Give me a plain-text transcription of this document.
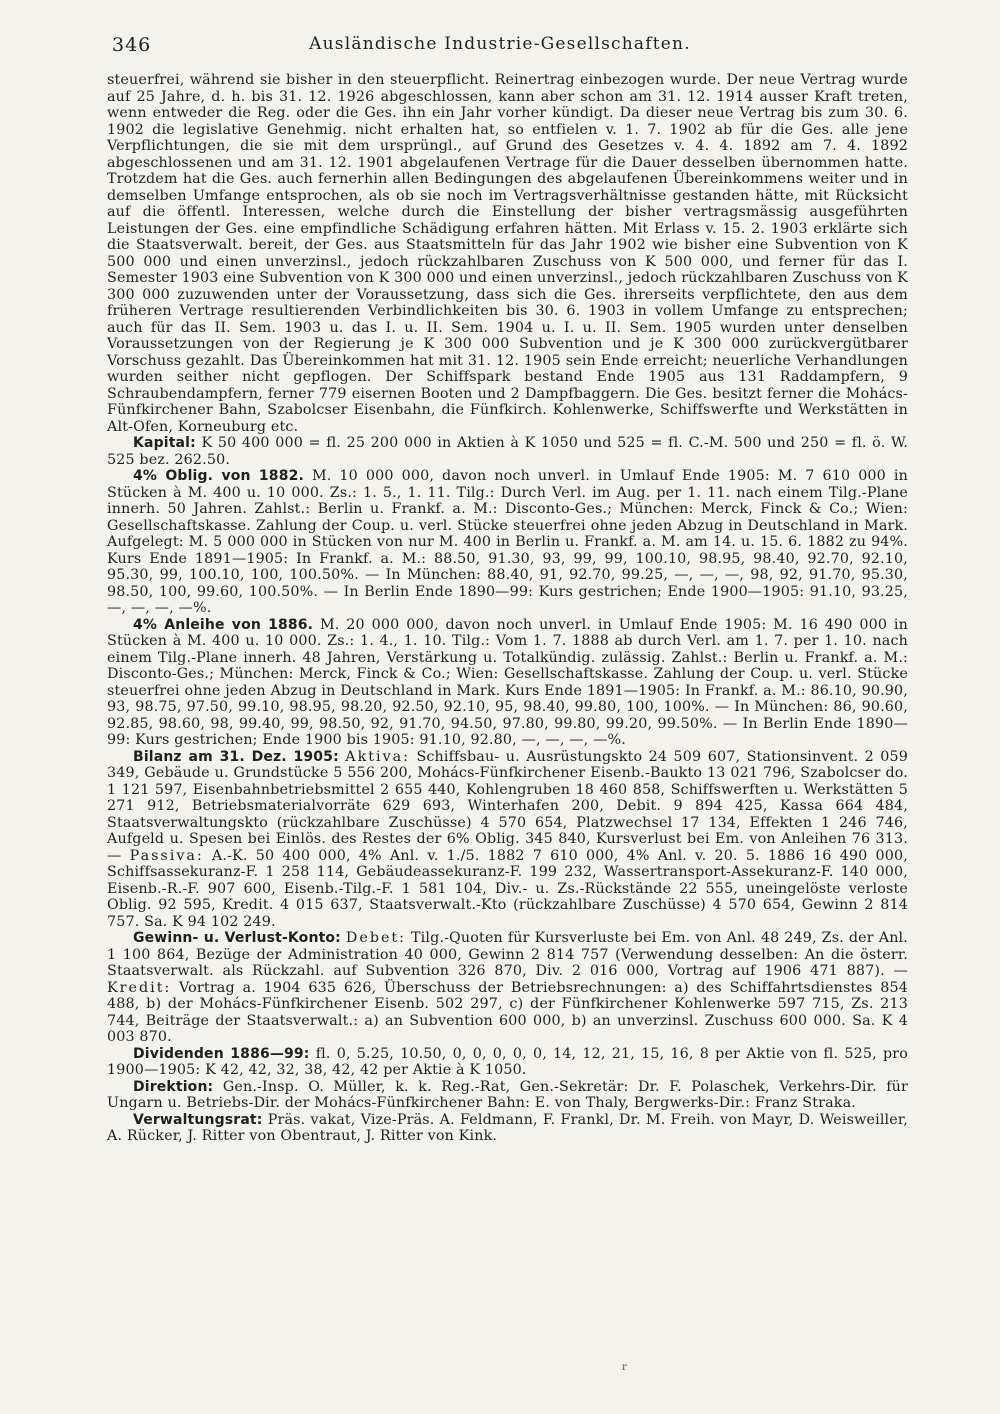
346	Ausländische Industrie-Gesellschaften.

steuerfrei, während sie bisher in den steuerpflicht. Reinertrag einbezogen wurde. Der neue Vertrag wurde auf 25 Jahre, d. h. bis 31. 12. 1926 abgeschlossen, kann aber schon am 31. 12. 1914 ausser Kraft treten, wenn entweder die Reg. oder die Ges. ihn ein Jahr vorher kündigt. Da dieser neue Vertrag bis zum 30. 6. 1902 die legislative Genehmig. nicht erhalten hat, so entfielen v. 1. 7. 1902 ab für die Ges. alle jene Verpflichtungen, die sie mit dem ursprüngl., auf Grund des Gesetzes v. 4. 4. 1892 am 7. 4. 1892 abgeschlossenen und am 31. 12. 1901 abgelaufenen Vertrage für die Dauer desselben übernommen hatte. Trotzdem hat die Ges. auch fernerhin allen Bedingungen des abgelaufenen Übereinkommens weiter und in demselben Umfange entsprochen, als ob sie noch im Vertragsverhältnisse gestanden hätte, mit Rücksicht auf die öffentl. Interessen, welche durch die Einstellung der bisher vertragsmässig ausgeführten Leistungen der Ges. eine empfindliche Schädigung erfahren hätten. Mit Erlass v. 15. 2. 1903 erklärte sich die Staatsverwalt. bereit, der Ges. aus Staatsmitteln für das Jahr 1902 wie bisher eine Subvention von K 500 000 und einen unverzinsl., jedoch rückzahlbaren Zuschuss von K 500 000, und ferner für das I. Semester 1903 eine Subvention von K 300 000 und einen unverzinsl., jedoch rückzahlbaren Zuschuss von K 300 000 zuzuwenden unter der Voraussetzung, dass sich die Ges. ihrerseits verpflichtete, den aus dem früheren Vertrage resultierenden Verbindlichkeiten bis 30. 6. 1903 in vollem Umfange zu entsprechen; auch für das II. Sem. 1903 u. das I. u. II. Sem. 1904 u. I. u. II. Sem. 1905 wurden unter denselben Voraussetzungen von der Regierung je K 300 000 Subvention und je K 300 000 zurückvergütbarer Vorschuss gezahlt. Das Übereinkommen hat mit 31. 12. 1905 sein Ende erreicht; neuerliche Verhandlungen wurden seither nicht gepflogen. Der Schiffspark bestand Ende 1905 aus 131 Raddampfern, 9 Schraubendampfern, ferner 779 eisernen Booten und 2 Dampfbaggern. Die Ges. besitzt ferner die Mohács-Fünfkirchener Bahn, Szabolcser Eisenbahn, die Fünfkirch. Kohlenwerke, Schiffswerfte und Werkstätten in Alt-Ofen, Korneuburg etc.

Kapital: K 50 400 000 = fl. 25 200 000 in Aktien à K 1050 und 525 = fl. C.-M. 500 und 250 = fl. ö. W. 525 bez. 262.50.

4% Oblig. von 1882. M. 10 000 000, davon noch unverl. in Umlauf Ende 1905: M. 7 610 000 in Stücken à M. 400 u. 10 000. Zs.: 1. 5., 1. 11. Tilg.: Durch Verl. im Aug. per 1. 11. nach einem Tilg.-Plane innerh. 50 Jahren. Zahlst.: Berlin u. Frankf. a. M.: Disconto-Ges.; München: Merck, Finck & Co.; Wien: Gesellschaftskasse. Zahlung der Coup. u. verl. Stücke steuerfrei ohne jeden Abzug in Deutschland in Mark. Aufgelegt: M. 5 000 000 in Stücken von nur M. 400 in Berlin u. Frankf. a. M. am 14. u. 15. 6. 1882 zu 94%. Kurs Ende 1891—1905: In Frankf. a. M.: 88.50, 91.30, 93, 99, 99, 100.10, 98.95, 98.40, 92.70, 92.10, 95.30, 99, 100.10, 100, 100.50%. — In München: 88.40, 91, 92.70, 99.25, —, —, —, 98, 92, 91.70, 95.30, 98.50, 100, 99.60, 100.50%. — In Berlin Ende 1890—99: Kurs gestrichen; Ende 1900—1905: 91.10, 93.25, —, —, —, —%.

4% Anleihe von 1886. M. 20 000 000, davon noch unverl. in Umlauf Ende 1905: M. 16 490 000 in Stücken à M. 400 u. 10 000. Zs.: 1. 4., 1. 10. Tilg.: Vom 1. 7. 1888 ab durch Verl. am 1. 7. per 1. 10. nach einem Tilg.-Plane innerh. 48 Jahren, Verstärkung u. Totalkündig. zulässig. Zahlst.: Berlin u. Frankf. a. M.: Disconto-Ges.; München: Merck, Finck & Co.; Wien: Gesellschaftskasse. Zahlung der Coup. u. verl. Stücke steuerfrei ohne jeden Abzug in Deutschland in Mark. Kurs Ende 1891—1905: In Frankf. a. M.: 86.10, 90.90, 93, 98.75, 97.50, 99.10, 98.95, 98.20, 92.50, 92.10, 95, 98.40, 99.80, 100, 100%. — In München: 86, 90.60, 92.85, 98.60, 98, 99.40, 99, 98.50, 92, 91.70, 94.50, 97.80, 99.80, 99.20, 99.50%. — In Berlin Ende 1890—99: Kurs gestrichen; Ende 1900 bis 1905: 91.10, 92.80, —, —, —, —%.

Bilanz am 31. Dez. 1905: Aktiva: Schiffsbau- u. Ausrüstungskto 24 509 607, Stationsinvent. 2 059 349, Gebäude u. Grundstücke 5 556 200, Mohács-Fünfkirchener Eisenb.-Baukto 13 021 796, Szabolcser do. 1 121 597, Eisenbahnbetriebsmittel 2 655 440, Kohlengruben 18 460 858, Schiffswerften u. Werkstätten 5 271 912, Betriebsmaterialvorräte 629 693, Winterhafen 200, Debit. 9 894 425, Kassa 664 484, Staatsverwaltungskto (rückzahlbare Zuschüsse) 4 570 654, Platzwechsel 17 134, Effekten 1 246 746, Aufgeld u. Spesen bei Einlös. des Restes der 6% Oblig. 345 840, Kursverlust bei Em. von Anleihen 76 313. — Passiva: A.-K. 50 400 000, 4% Anl. v. 1./5. 1882 7 610 000, 4% Anl. v. 20. 5. 1886 16 490 000, Schiffsassekuranz-F. 1 258 114, Gebäudeassekuranz-F. 199 232, Wassertransport-Assekuranz-F. 140 000, Eisenb.-R.-F. 907 600, Eisenb.-Tilg.-F. 1 581 104, Div.- u. Zs.-Rückstände 22 555, uneingelöste verloste Oblig. 92 595, Kredit. 4 015 637, Staatsverwalt.-Kto (rückzahlbare Zuschüsse) 4 570 654, Gewinn 2 814 757. Sa. K 94 102 249.

Gewinn- u. Verlust-Konto: Debet: Tilg.-Quoten für Kursverluste bei Em. von Anl. 48 249, Zs. der Anl. 1 100 864, Bezüge der Administration 40 000, Gewinn 2 814 757 (Verwendung desselben: An die österr. Staatsverwalt. als Rückzahl. auf Subvention 326 870, Div. 2 016 000, Vortrag auf 1906 471 887). — Kredit: Vortrag a. 1904 635 626, Überschuss der Betriebsrechnungen: a) des Schiffahrtsdienstes 854 488, b) der Mohács-Fünfkirchener Eisenb. 502 297, c) der Fünfkirchener Kohlenwerke 597 715, Zs. 213 744, Beiträge der Staatsverwalt.: a) an Subvention 600 000, b) an unverzinsl. Zuschuss 600 000. Sa. K 4 003 870.

Dividenden 1886—99: fl. 0, 5.25, 10.50, 0, 0, 0, 0, 0, 14, 12, 21, 15, 16, 8 per Aktie von fl. 525, pro 1900—1905: K 42, 42, 32, 38, 42, 42 per Aktie à K 1050.

Direktion: Gen.-Insp. O. Müller, k. k. Reg.-Rat, Gen.-Sekretär: Dr. F. Polaschek, Verkehrs-Dir. für Ungarn u. Betriebs-Dir. der Mohács-Fünfkirchener Bahn: E. von Thaly, Bergwerks-Dir.: Franz Straka.

Verwaltungsrat: Präs. vakat, Vize-Präs. A. Feldmann, F. Frankl, Dr. M. Freih. von Mayr, D. Weisweiller, A. Rücker, J. Ritter von Obentraut, J. Ritter von Kink.

r
